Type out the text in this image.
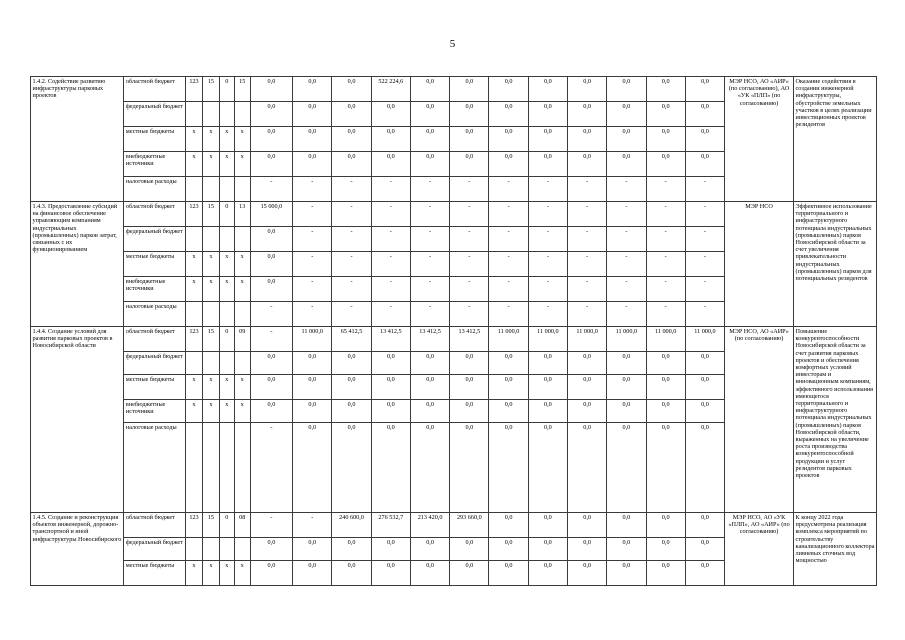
5
1.4.2. Содействие развитию инфраструктуры парковых проектов	областной бюджет	123	15	0	15	0,0	0,0	0,0	522 224,6	0,0	0,0	0,0	0,0	0,0	0,0	0,0	0,0	МЭР НСО, АО «АИР» (по согласованию), АО «УК «ПЛП» (по согласованию)	Оказание содействия в создании инженерной инфраструктуры, обустройстве земельных участков в целях реализации инвестиционных проектов резидентов
	федеральный бюджет					0,0	0,0	0,0	0,0	0,0	0,0	0,0	0,0	0,0	0,0	0,0	0,0		
	местные бюджеты	x	x	x	x	0,0	0,0	0,0	0,0	0,0	0,0	0,0	0,0	0,0	0,0	0,0	0,0		
	внебюджетные источники	x	x	x	x	0,0	0,0	0,0	0,0	0,0	0,0	0,0	0,0	0,0	0,0	0,0	0,0		
	налоговые расходы					-	-	-	-	-	-	-	-	-	-	-	-		
1.4.3. Предоставление субсидий на финансовое обеспечение управляющим компаниям индустриальных (промышленных) парков затрат, связанных с их функционированием	областной бюджет	123	15	0	13	15 000,0	-	-	-	-	-	-	-	-	-	-	-	МЭР НСО	Эффективное использование территориального и инфраструктурного потенциала индустриальных (промышленных) парков Новосибирской области за счет увеличения привлекательности индустриальных (промышленных) парков для потенциальных резидентов
	федеральный бюджет					0,0	-	-	-	-	-	-	-	-	-	-	-		
	местные бюджеты	x	x	x	x	0,0	-	-	-	-	-	-	-	-	-	-	-		
	внебюджетные источники	x	x	x	x	0,0	-	-	-	-	-	-	-	-	-	-	-		
	налоговые расходы					-	-	-	-	-	-	-	-	-	-	-	-		
1.4.4. Создание условий для развития парковых проектов в Новосибирской области	областной бюджет	123	15	0	09	-	11 000,0	65 412,5	13 412,5	13 412,5	13 412,5	11 000,0	11 000,0	11 000,0	11 000,0	11 000,0	11 000,0	МЭР НСО, АО «АИР» (по согласованию)	Повышение конкурентоспособности Новосибирской области за счет развития парковых проектов и обеспечения комфортных условий инвесторам и инновационным компаниям, эффективного использования имеющегося территориального и инфраструктурного потенциала индустриальных (промышленных) парков Новосибирской области, выраженных на увеличение роста производства конкурентоспособной продукции и услуг резидентов парковых проектов
	федеральный бюджет					0,0	0,0	0,0	0,0	0,0	0,0	0,0	0,0	0,0	0,0	0,0	0,0		
	местные бюджеты	x	x	x	x	0,0	0,0	0,0	0,0	0,0	0,0	0,0	0,0	0,0	0,0	0,0	0,0		
	внебюджетные источники	x	x	x	x	0,0	0,0	0,0	0,0	0,0	0,0	0,0	0,0	0,0	0,0	0,0	0,0		
	налоговые расходы					-	0,0	0,0	0,0	0,0	0,0	0,0	0,0	0,0	0,0	0,0	0,0		
1.4.5. Создание и реконструкция объектов инженерной, дорожно-транспортной и иной инфраструктуры Новосибирского	областной бюджет	123	15	0	08	-	-	240 600,0	276 532,7	213 420,0	293 660,0	0,0	0,0	0,0	0,0	0,0	0,0	МЭР НСО, АО «УК «ПЛП», АО «АИР» (по согласованию)	К концу 2022 года предусмотрена реализация комплекса мероприятий по строительству канализационного коллектора ливневых сточных вод мощностью
	федеральный бюджет					0,0	0,0	0,0	0,0	0,0	0,0	0,0	0,0	0,0	0,0	0,0	0,0		
	местные бюджеты	x	x	x	x	0,0	0,0	0,0	0,0	0,0	0,0	0,0	0,0	0,0	0,0	0,0	0,0		
